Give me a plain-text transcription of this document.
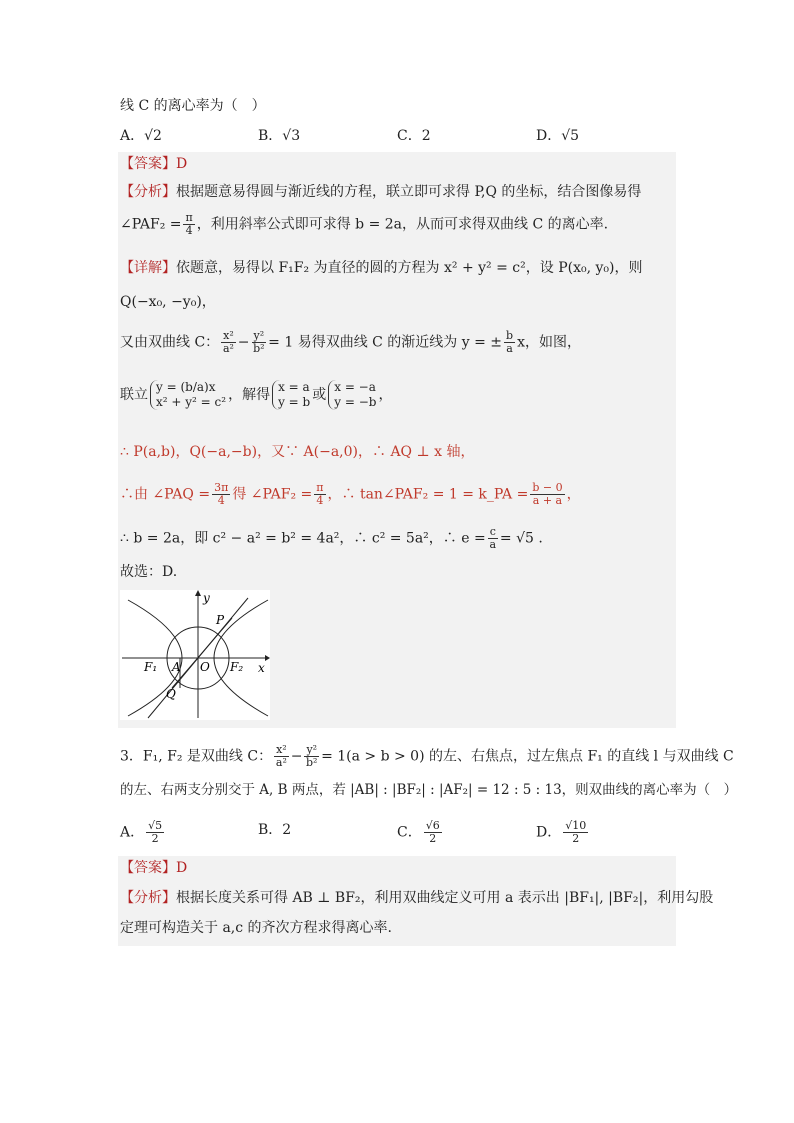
线 C 的离心率为（　）
A．√2	B．√3	C．2	D．√5
【答案】D
【分析】根据题意易得圆与渐近线的方程，联立即可求得 P,Q 的坐标，结合图像易得
∠PAF₂ = $\frac{\pi}{4}$ ，利用斜率公式即可求得 b = 2a，从而可求得双曲线 C 的离心率.
【详解】依题意，易得以 F₁F₂ 为直径的圆的方程为 x² + y² = c²，设 P(x₀, y₀)，则
Q(−x₀, −y₀)，
又由双曲线 C： $\frac{\text{x²}}{\text{a²}} - \frac{\text{y²}}{\text{b²}} = 1$ 易得双曲线 C 的渐近线为 y = ± $\frac{b}{a}$ x，如图，
联立 y = (b/a)x
x² + y² = c² ，解得 x = a
y = b 或 x = −a
y = −b ，
∴ P(a,b)，Q(−a,−b)，又∵ A(−a,0)，∴ AQ ⊥ x 轴，
∴由 ∠PAQ = $\frac{3\pi}{4}$ 得 ∠PAF₂ = $\frac{\pi}{4}$ ，∴ tan∠PAF₂ = 1 = k_PA = $\frac{b - 0}{a + a}$ ，
∴ b = 2a，即 c² − a² = b² = 4a²，∴ c² = 5a²，∴ $e = \frac{c}{a} = √5$ .
故选：D.
y
x
P
F₁ A O F₂
Q
3．F₁, F₂ 是双曲线 C： $\frac{\text{x²}}{\text{a²}} - \frac{\text{y²}}{\text{b²}} = 1(a > b > 0)$ 的左、右焦点，过左焦点 F₁ 的直线 l 与双曲线 C
的左、右两支分别交于 A, B 两点，若 |AB| : |BF₂| : |AF₂| = 12 : 5 : 13，则双曲线的离心率为（　）
A． $\frac{√5}{2}$	B．2	C． $\frac{√6}{2}$	D． $\frac{√10}{2}$
【答案】D
【分析】根据长度关系可得 AB ⊥ BF₂，利用双曲线定义可用 a 表示出 |BF₁|, |BF₂|，利用勾股
定理可构造关于 a,c 的齐次方程求得离心率.
